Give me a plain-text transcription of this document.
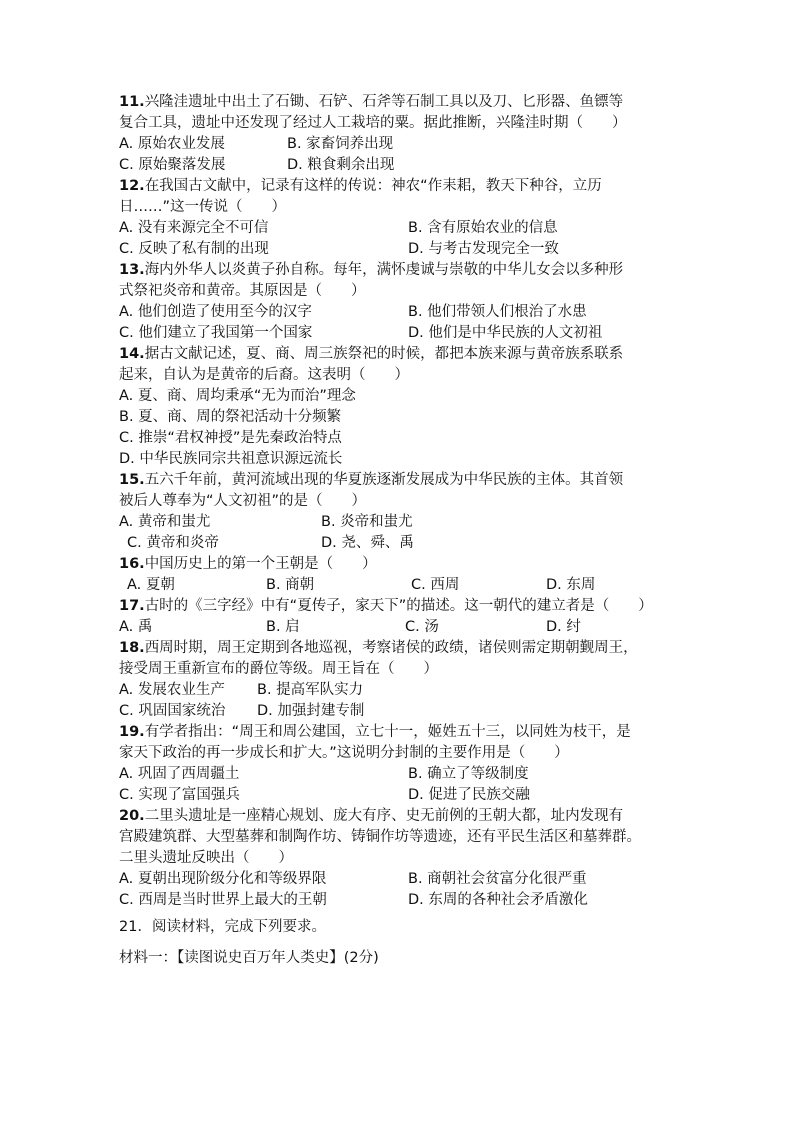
11.兴隆洼遗址中出土了石锄、石铲、石斧等石制工具以及刀、匕形器、鱼镖等
复合工具，遗址中还发现了经过人工栽培的粟。据此推断，兴隆洼时期（　　）
A. 原始农业发展	B. 家畜饲养出现
C. 原始聚落发展	D. 粮食剩余出现
12.在我国古文献中，记录有这样的传说：神农“作耒耜，教天下种谷，立历
日……”这一传说（　　）
A. 没有来源完全不可信	B. 含有原始农业的信息
C. 反映了私有制的出现	D. 与考古发现完全一致
13.海内外华人以炎黄子孙自称。每年，满怀虔诚与崇敬的中华儿女会以多种形
式祭祀炎帝和黄帝。其原因是（　　）
A. 他们创造了使用至今的汉字	B. 他们带领人们根治了水患
C. 他们建立了我国第一个国家	D. 他们是中华民族的人文初祖
14.据古文献记述，夏、商、周三族祭祀的时候，都把本族来源与黄帝族系联系
起来，自认为是黄帝的后裔。这表明（　　）
A. 夏、商、周均秉承“无为而治”理念
B. 夏、商、周的祭祀活动十分频繁
C. 推崇“君权神授”是先秦政治特点
D. 中华民族同宗共祖意识源远流长
15.五六千年前，黄河流域出现的华夏族逐渐发展成为中华民族的主体。其首领
被后人尊奉为“人文初祖”的是（　　）
A. 黄帝和蚩尤	B. 炎帝和蚩尤
C. 黄帝和炎帝	D. 尧、舜、禹
16.中国历史上的第一个王朝是（　　）
A. 夏朝	B. 商朝	C. 西周	D. 东周
17.古时的《三字经》中有“夏传子，家天下”的描述。这一朝代的建立者是（　　）
A. 禹	B. 启	C. 汤	D. 纣
18.西周时期，周王定期到各地巡视，考察诸侯的政绩，诸侯则需定期朝觐周王，
接受周王重新宣布的爵位等级。周王旨在（　　）
A. 发展农业生产 B. 提高军队实力
C. 巩固国家统治 D. 加强封建专制
19.有学者指出：“周王和周公建国，立七十一，姬姓五十三，以同姓为枝干，是
家天下政治的再一步成长和扩大。”这说明分封制的主要作用是（　　）
A. 巩固了西周疆土	B. 确立了等级制度
C. 实现了富国强兵	D. 促进了民族交融
20.二里头遗址是一座精心规划、庞大有序、史无前例的王朝大都，址内发现有
宫殿建筑群、大型墓葬和制陶作坊、铸铜作坊等遗迹，还有平民生活区和墓葬群。
二里头遗址反映出（　　）
A. 夏朝出现阶级分化和等级界限	B. 商朝社会贫富分化很严重
C. 西周是当时世界上最大的王朝	D. 东周的各种社会矛盾激化
21．阅读材料，完成下列要求。
材料一：【读图说史百万年人类史】(2分)
